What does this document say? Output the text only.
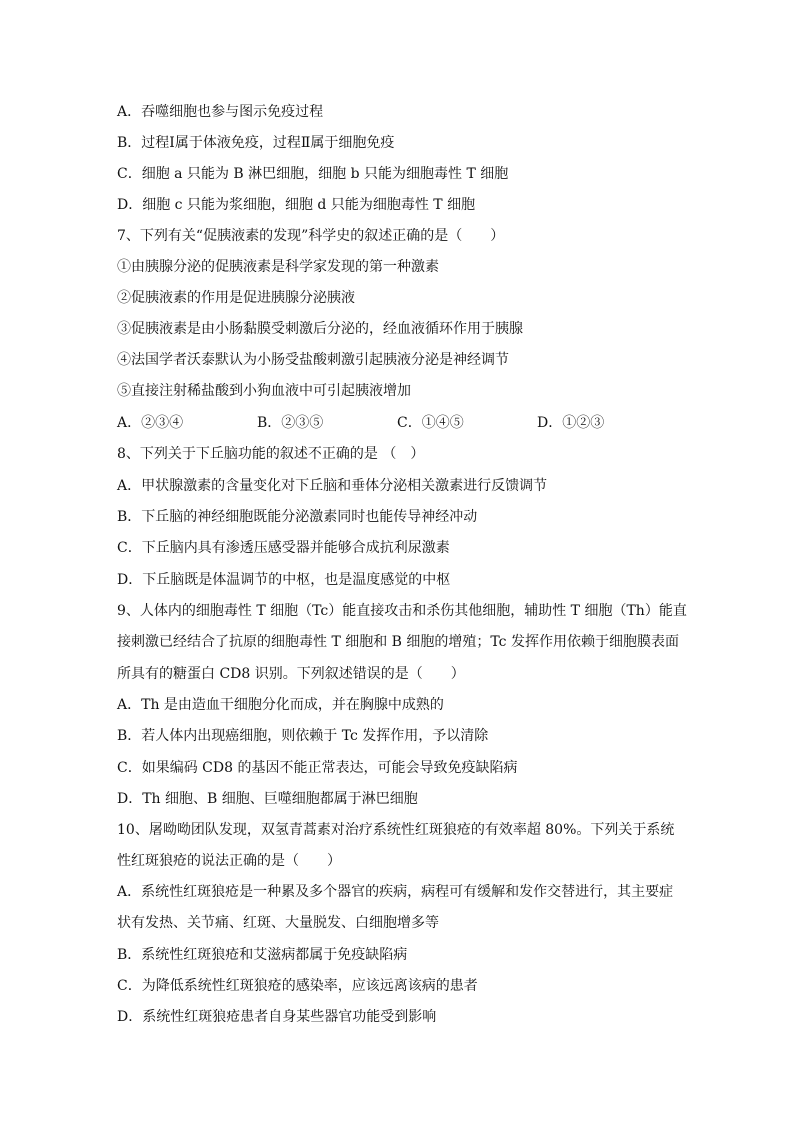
A．吞噬细胞也参与图示免疫过程
B．过程Ⅰ属于体液免疫，过程Ⅱ属于细胞免疫
C．细胞 a 只能为 B 淋巴细胞，细胞 b 只能为细胞毒性 T 细胞
D．细胞 c 只能为浆细胞，细胞 d 只能为细胞毒性 T 细胞
7、下列有关“促胰液素的发现”科学史的叙述正确的是（　　）
①由胰腺分泌的促胰液素是科学家发现的第一种激素
②促胰液素的作用是促进胰腺分泌胰液
③促胰液素是由小肠黏膜受刺激后分泌的，经血液循环作用于胰腺
④法国学者沃泰默认为小肠受盐酸刺激引起胰液分泌是神经调节
⑤直接注射稀盐酸到小狗血液中可引起胰液增加
A．②③④	B．②③⑤	C．①④⑤	D．①②③
8、下列关于下丘脑功能的叙述不正确的是 （　）
A．甲状腺激素的含量变化对下丘脑和垂体分泌相关激素进行反馈调节
B．下丘脑的神经细胞既能分泌激素同时也能传导神经冲动
C．下丘脑内具有渗透压感受器并能够合成抗利尿激素
D．下丘脑既是体温调节的中枢，也是温度感觉的中枢
9、人体内的细胞毒性 T 细胞（Tc）能直接攻击和杀伤其他细胞，辅助性 T 细胞（Th）能直
接刺激已经结合了抗原的细胞毒性 T 细胞和 B 细胞的增殖；Tc 发挥作用依赖于细胞膜表面
所具有的糖蛋白 CD8 识别。下列叙述错误的是（　　）
A．Th 是由造血干细胞分化而成，并在胸腺中成熟的
B．若人体内出现癌细胞，则依赖于 Tc 发挥作用，予以清除
C．如果编码 CD8 的基因不能正常表达，可能会导致免疫缺陷病
D．Th 细胞、B 细胞、巨噬细胞都属于淋巴细胞
10、屠呦呦团队发现，双氢青蒿素对治疗系统性红斑狼疮的有效率超 80%。下列关于系统
性红斑狼疮的说法正确的是（　　）
A．系统性红斑狼疮是一种累及多个器官的疾病，病程可有缓解和发作交替进行，其主要症
状有发热、关节痛、红斑、大量脱发、白细胞增多等
B．系统性红斑狼疮和艾滋病都属于免疫缺陷病
C．为降低系统性红斑狼疮的感染率，应该远离该病的患者
D．系统性红斑狼疮患者自身某些器官功能受到影响
